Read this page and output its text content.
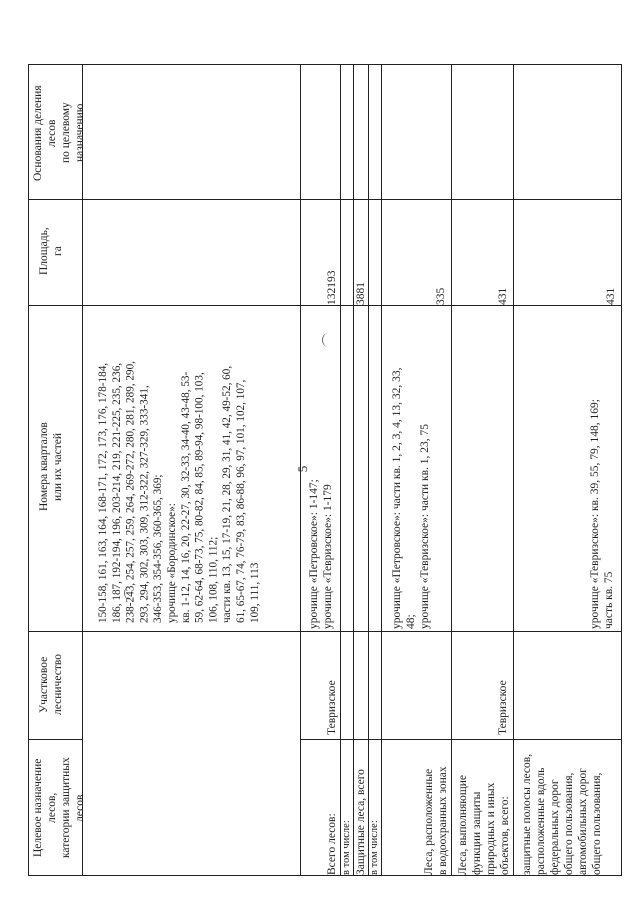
5
Основания деления лесов по целевому назначению
Площадь, га
Номера кварталов или их частей
Участковое лесничество
Целевое назначение лесов, категории защитных лесов
150-158, 161, 163, 164, 168-171, 172, 173, 176, 178-184, 186, 187, 192-194, 196, 203-214, 219, 221-225, 235, 236, 238-243, 254, 257, 259, 264, 269-272, 280, 281, 289, 290, 293, 294, 302, 303, 309, 312-322, 327-329, 333-341, 346-353, 354-356, 360-365, 369; урочище «Бородинское»: кв. 1-12, 14, 16, 20, 22-27, 30, 32-33, 34-40, 43-48, 53- 59, 62-64, 68-73, 75, 80-82, 84, 85, 89-94, 98-100, 103, 106, 108, 110, 112; части кв. 13, 15, 17-19, 21, 28, 29, 31, 41, 42, 49-52, 60, 61, 65-67, 74, 76-79, 83, 86-88, 96, 97, 101, 102, 107, 109, 111, 113
132193
урочище «Петровское»: 1-147; урочище «Тевризское»: 1-179
Тевризское
Всего лесов: в том числе:
3881
Защитные леса, всего в том числе:
335
урочище «Петровское»: части кв. 1, 2, 3, 4, 13, 32, 33, 48; урочище «Тевризское»: части кв. 1, 23, 75
Леса, расположенные в водоохранных зонах
431
Тевризское
Леса, выполняющие функции защиты природных и иных объектов, всего:
431
урочище «Тевризское»: кв. 39, 55, 79, 148, 169; часть кв. 75
защитные полосы лесов, расположенные вдоль федеральных дорог общего пользования, автомобильных дорог общего пользования,
